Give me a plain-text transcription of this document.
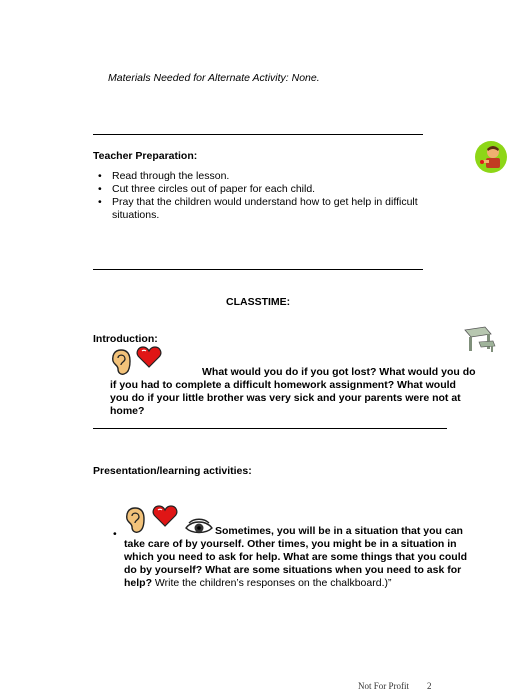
Materials Needed for Alternate Activity: None.
Teacher Preparation:
• Read through the lesson.
• Cut three circles out of paper for each child.
• Pray that the children would understand how to get help in difficult situations.
CLASSTIME:
Introduction:
What would you do if you got lost? What would you do
if you had to complete a difficult homework assignment? What would you do if your little brother was very sick and your parents were not at home?
Presentation/learning activities:
•	Sometimes, you will be in a situation that you can
take care of by yourself. Other times, you might be in a situation in which you need to ask for help. What are some things that you could do by yourself? What are some situations when you need to ask for help? Write the children’s responses on the chalkboard.)”
Not For Profit 2
